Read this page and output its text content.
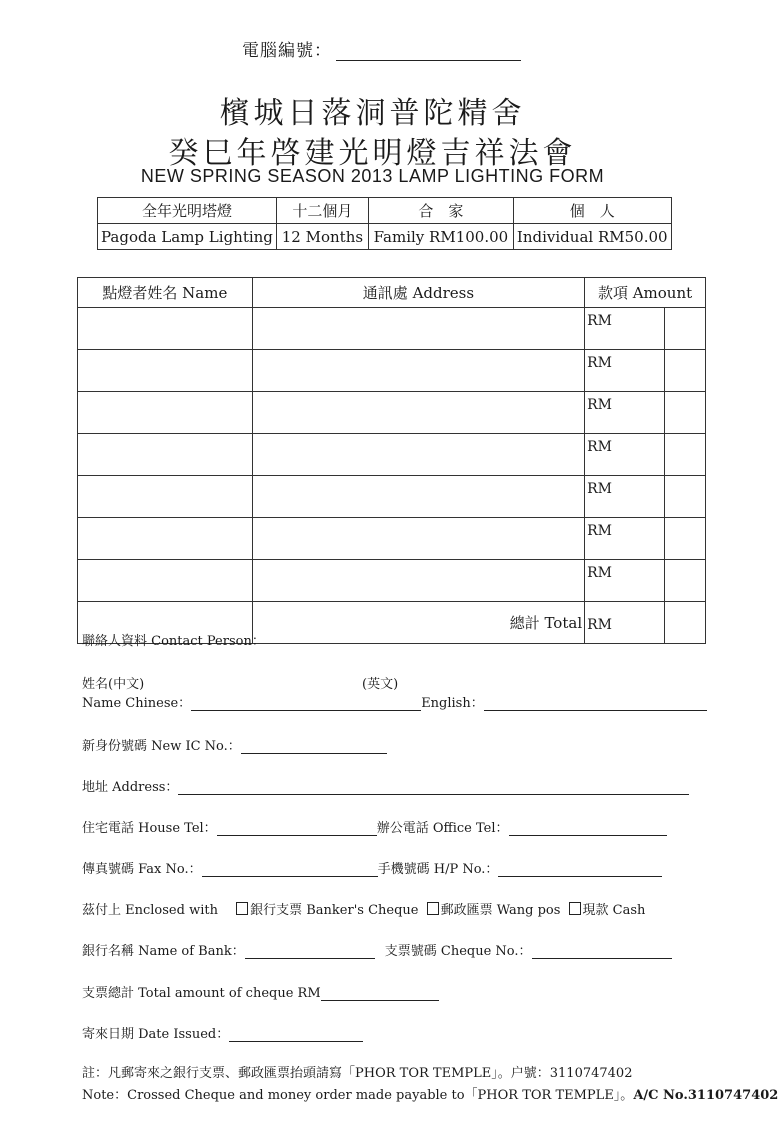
電腦編號：
檳城日落洞普陀精舍
癸巳年啓建光明燈吉祥法會
NEW SPRING SEASON 2013 LAMP LIGHTING FORM
全年光明塔燈	十二個月	合　家	個　人
Pagoda Lamp Lighting	12 Months	Family RM100.00	Individual RM50.00
點燈者姓名 Name	通訊處 Address	款項 Amount	
		RM	
		RM	
		RM	
		RM	
		RM	
		RM	
		RM	
	總計 Total	RM	
聯絡人資料 Contact Person：
姓名(中文)	(英文)
Name Chinese：	English：
新身份號碼 New IC No.：
地址 Address：
住宅電話 House Tel：	辦公電話 Office Tel：
傳真號碼 Fax No.：	手機號碼 H/P No.：
茲付上 Enclosed with 銀行支票 Banker's Cheque 郵政匯票 Wang pos 現款 Cash
銀行名稱 Name of Bank：	支票號碼 Cheque No.：
支票總計 Total amount of cheque RM
寄來日期 Date Issued：
註：凡郵寄來之銀行支票、郵政匯票抬頭請寫「PHOR TOR TEMPLE」。户號：3110747402
Note：Crossed Cheque and money order made payable to「PHOR TOR TEMPLE」。A/C No.3110747402
